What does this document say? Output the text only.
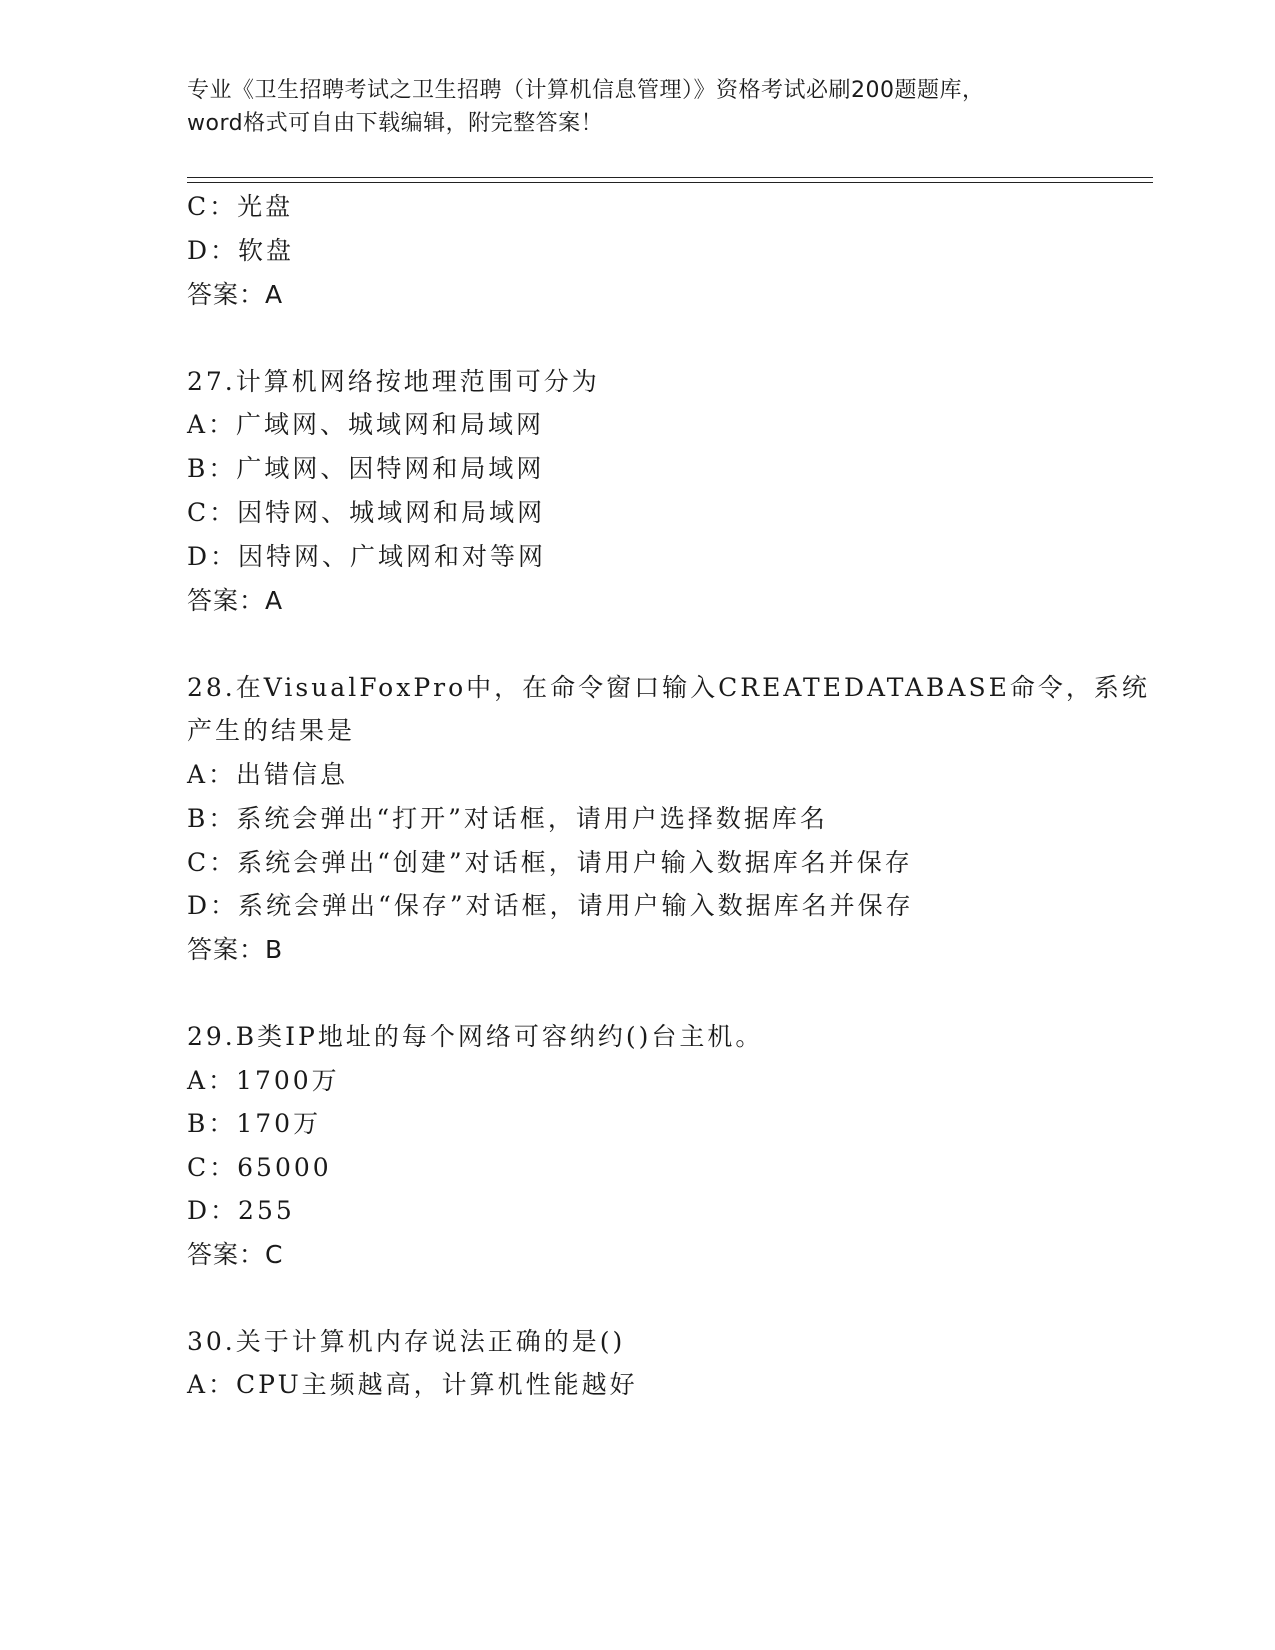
专业《卫生招聘考试之卫生招聘（计算机信息管理）》资格考试必刷200题题库，
word格式可自由下载编辑，附完整答案！
C：光盘
D：软盘
答案：A
27.计算机网络按地理范围可分为
A：广域网、城域网和局域网
B：广域网、因特网和局域网
C：因特网、城域网和局域网
D：因特网、广域网和对等网
答案：A
28.在VisualFoxPro中，在命令窗口输入CREATEDATABASE命令，系统
产生的结果是
A：出错信息
B：系统会弹出“打开”对话框，请用户选择数据库名
C：系统会弹出“创建”对话框，请用户输入数据库名并保存
D：系统会弹出“保存”对话框，请用户输入数据库名并保存
答案：B
29.B类IP地址的每个网络可容纳约()台主机。
A：1700万
B：170万
C：65000
D：255
答案：C
30.关于计算机内存说法正确的是()
A：CPU主频越高，计算机性能越好
